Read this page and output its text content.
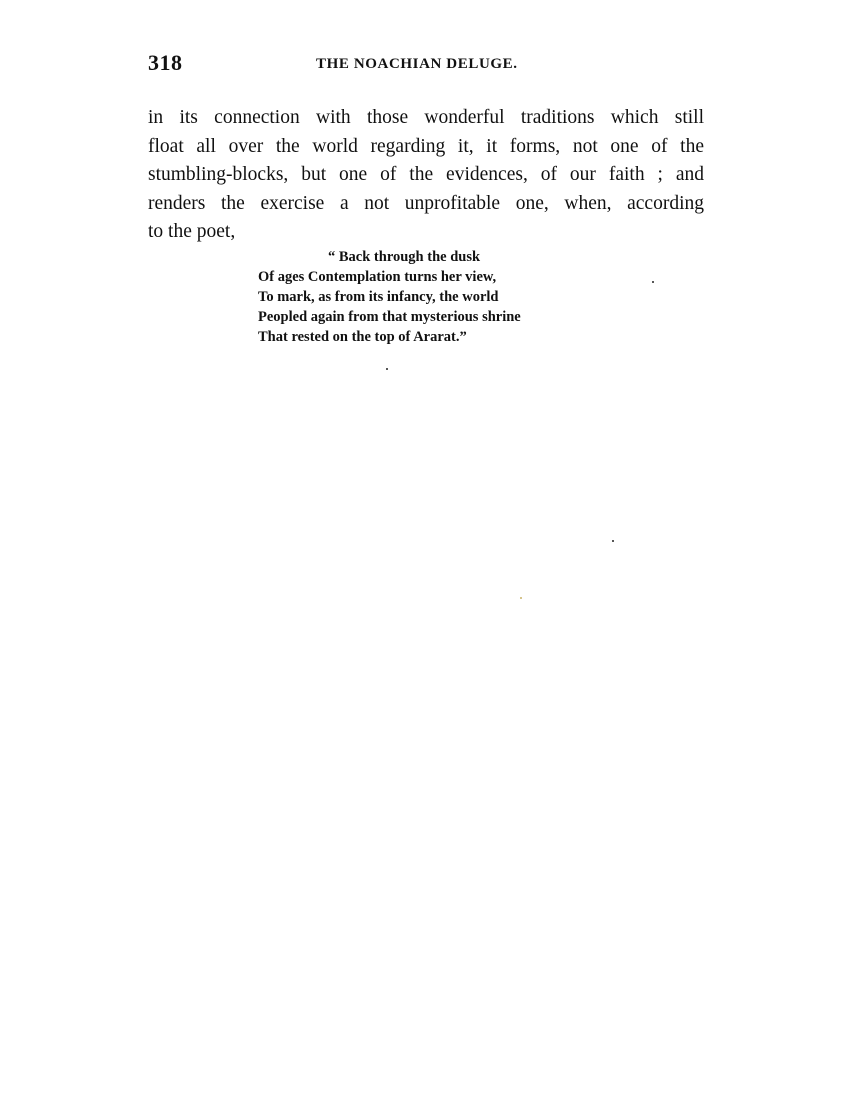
318	THE NOACHIAN DELUGE.
in its connection with those wonderful traditions which still
float all over the world regarding it, it forms, not one of the
stumbling-blocks, but one of the evidences, of our faith ; and
renders the exercise a not unprofitable one, when, according
to the poet,
“ Back through the dusk
Of ages Contemplation turns her view,
To mark, as from its infancy, the world
Peopled again from that mysterious shrine
That rested on the top of Ararat.”
